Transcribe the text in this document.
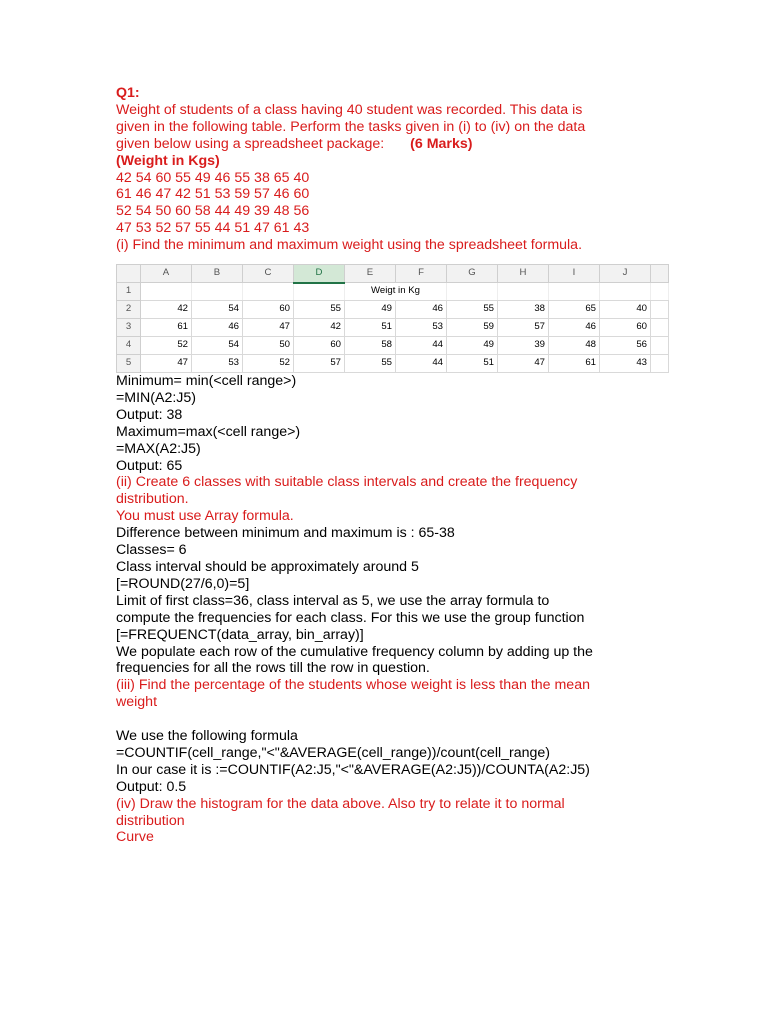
Q1:
Weight of students of a class having 40 student was recorded. This data is
given in the following table. Perform the tasks given in (i) to (iv) on the data
given below using a spreadsheet package: (6 Marks)
(Weight in Kgs)
42 54 60 55 49 46 55 38 65 40
61 46 47 42 51 53 59 57 46 60
52 54 50 60 58 44 49 39 48 56
47 53 52 57 55 44 51 47 61 43
(i) Find the minimum and maximum weight using the spreadsheet formula.
	A	B	C	D	E	F	G	H	I	J	
1					Weigt in Kg						
2	42	54	60	55	49	46	55	38	65	40	
3	61	46	47	42	51	53	59	57	46	60	
4	52	54	50	60	58	44	49	39	48	56	
5	47	53	52	57	55	44	51	47	61	43	
Minimum= min(<cell range>)
=MIN(A2:J5)
Output: 38
Maximum=max(<cell range>)
=MAX(A2:J5)
Output: 65
(ii) Create 6 classes with suitable class intervals and create the frequency
distribution.
You must use Array formula.
Difference between minimum and maximum is : 65-38
Classes= 6
Class interval should be approximately around 5
[=ROUND(27/6,0)=5]
Limit of first class=36, class interval as 5, we use the array formula to
compute the frequencies for each class. For this we use the group function
[=FREQUENCT(data_array, bin_array)]
We populate each row of the cumulative frequency column by adding up the
frequencies for all the rows till the row in question.
(iii) Find the percentage of the students whose weight is less than the mean
weight
We use the following formula
=COUNTIF(cell_range,"<"&AVERAGE(cell_range))/count(cell_range)
In our case it is :=COUNTIF(A2:J5,"<"&AVERAGE(A2:J5))/COUNTA(A2:J5)
Output: 0.5
(iv) Draw the histogram for the data above. Also try to relate it to normal
distribution
Curve
